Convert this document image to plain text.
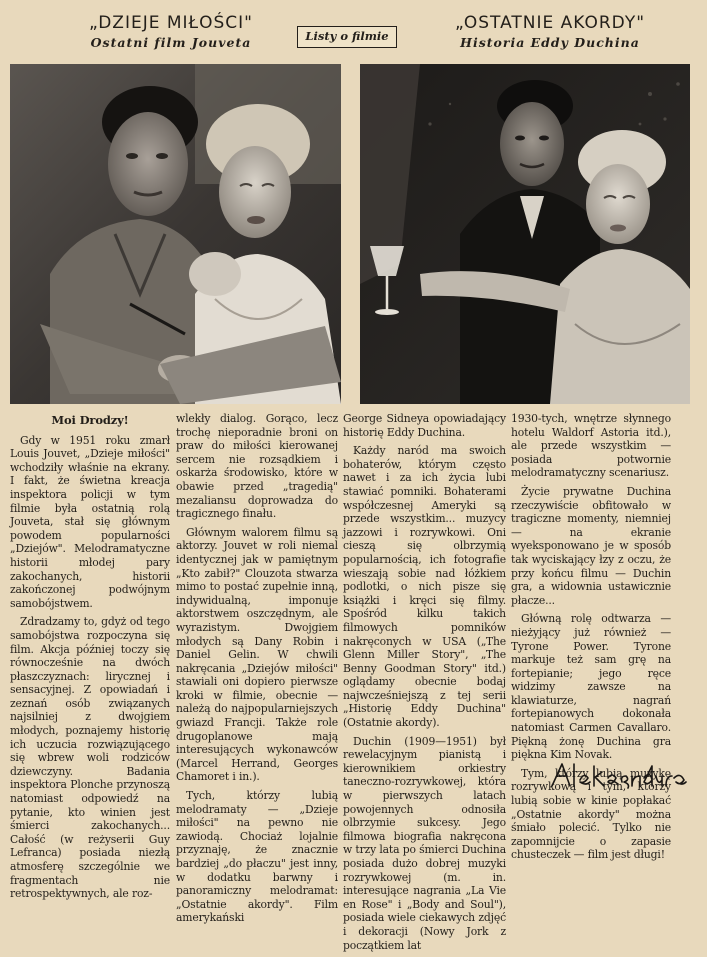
„DZIEJE MIŁOŚCI"
Ostatni film Jouveta	Listy o filmie
„OSTATNIE AKORDY"
Historia Eddy Duchina
Moi Drodzy!

Gdy w 1951 roku zmarł Louis Jouvet, „Dzieje miłości" wchodziły właśnie na ekrany. I fakt, że świetna kreacja inspektora policji w tym filmie była ostatnią rolą Jouveta, stał się głównym powodem popularności „Dziejów". Melodramatyczne historii młodej pary zakochanych, historii zakończonej podwójnym samobójstwem.

Zdradzamy to, gdyż od tego samobójstwa rozpoczyna się film. Akcja później toczy się równocześnie na dwóch płaszczyznach: lirycznej i sensacyjnej. Z opowiadań i zeznań osób związanych najsilniej z dwojgiem młodych, poznajemy historię ich uczucia rozwiązującego się wbrew woli rodziców dziewczyny. Badania inspektora Plonche przynoszą natomiast odpowiedź na pytanie, kto winien jest śmierci zakochanych... Całość (w reżyserii Guy Lefranca) posiada niezłą atmosferę szczególnie we fragmentach nie retrospektywnych, ale roz-

wlekły dialog. Gorąco, lecz trochę nieporadnie broni on praw do miłości kierowanej sercem nie rozsądkiem i oskarża środowisko, które w obawie przed „tragedią" mezaliansu doprowadza do tragicznego finału.

Głównym walorem filmu są aktorzy. Jouvet w roli niemal identycznej jak w pamiętnym „Kto zabił?" Clouzota stwarza mimo to postać zupełnie inną, indywidualną, imponuje aktorstwem oszczędnym, ale wyrazistym. Dwojgiem młodych są Dany Robin i Daniel Gelin. W chwili nakręcania „Dziejów miłości" stawiali oni dopiero pierwsze kroki w filmie, obecnie — należą do najpopularniejszych gwiazd Francji. Także role drugoplanowe mają interesujących wykonawców (Marcel Herrand, Georges Chamoret i in.).

Tych, którzy lubią melodramaty — „Dzieje miłości" na pewno nie zawiodą. Chociaż lojalnie przyznaję, że znacznie bardziej „do płaczu" jest inny, w dodatku barwny i panoramiczny melodramat: „Ostatnie akordy". Film amerykański

George Sidneya opowiadający historię Eddy Duchina.

Każdy naród ma swoich bohaterów, którym często nawet i za ich życia lubi stawiać pomniki. Bohaterami współczesnej Ameryki są przede wszystkim... muzycy jazzowi i rozrywkowi. Oni cieszą się olbrzymią popularnością, ich fotografie wieszają sobie nad łóżkiem podlotki, o nich pisze się książki i kręci się filmy. Spośród kilku takich filmowych pomników nakręconych w USA („The Glenn Miller Story", „The Benny Goodman Story" itd.) oglądamy obecnie bodaj najwcześniejszą z tej serii „Historię Eddy Duchina" (Ostatnie akordy).

Duchin (1909—1951) był rewelacyjnym pianistą i kierownikiem orkiestry taneczno-rozrywkowej, która w pierwszych latach powojennych odnosiła olbrzymie sukcesy. Jego filmowa biografia nakręcona w trzy lata po śmierci Duchina posiada dużo dobrej muzyki rozrywkowej (m. in. interesujące nagrania „La Vie en Rose" i „Body and Soul"), posiada wiele ciekawych zdjęć i dekoracji (Nowy Jork z początkiem lat

1930-tych, wnętrze słynnego hotelu Waldorf Astoria itd.), ale przede wszystkim — posiada potwornie melodramatyczny scenariusz.

Życie prywatne Duchina rzeczywiście obfitowało w tragiczne momenty, niemniej — na ekranie wyeksponowano je w sposób tak wyciskający łzy z oczu, że przy końcu filmu — Duchin gra, a widownia ustawicznie płacze...

Główną rolę odtwarza — nieżyjący już również — Tyrone Power. Tyrone markuje też sam grę na fortepianie; jego ręce widzimy zawsze na klawiaturze, nagrań fortepianowych dokonała natomiast Carmen Cavallaro. Piękną żonę Duchina gra piękna Kim Novak.

Tym, którzy lubią muzykę rozrywkową i tym, którzy lubią sobie w kinie popłakać „Ostatnie akordy" można śmiało polecić. Tylko nie zapomnijcie o zapasie chusteczek — film jest długi!
